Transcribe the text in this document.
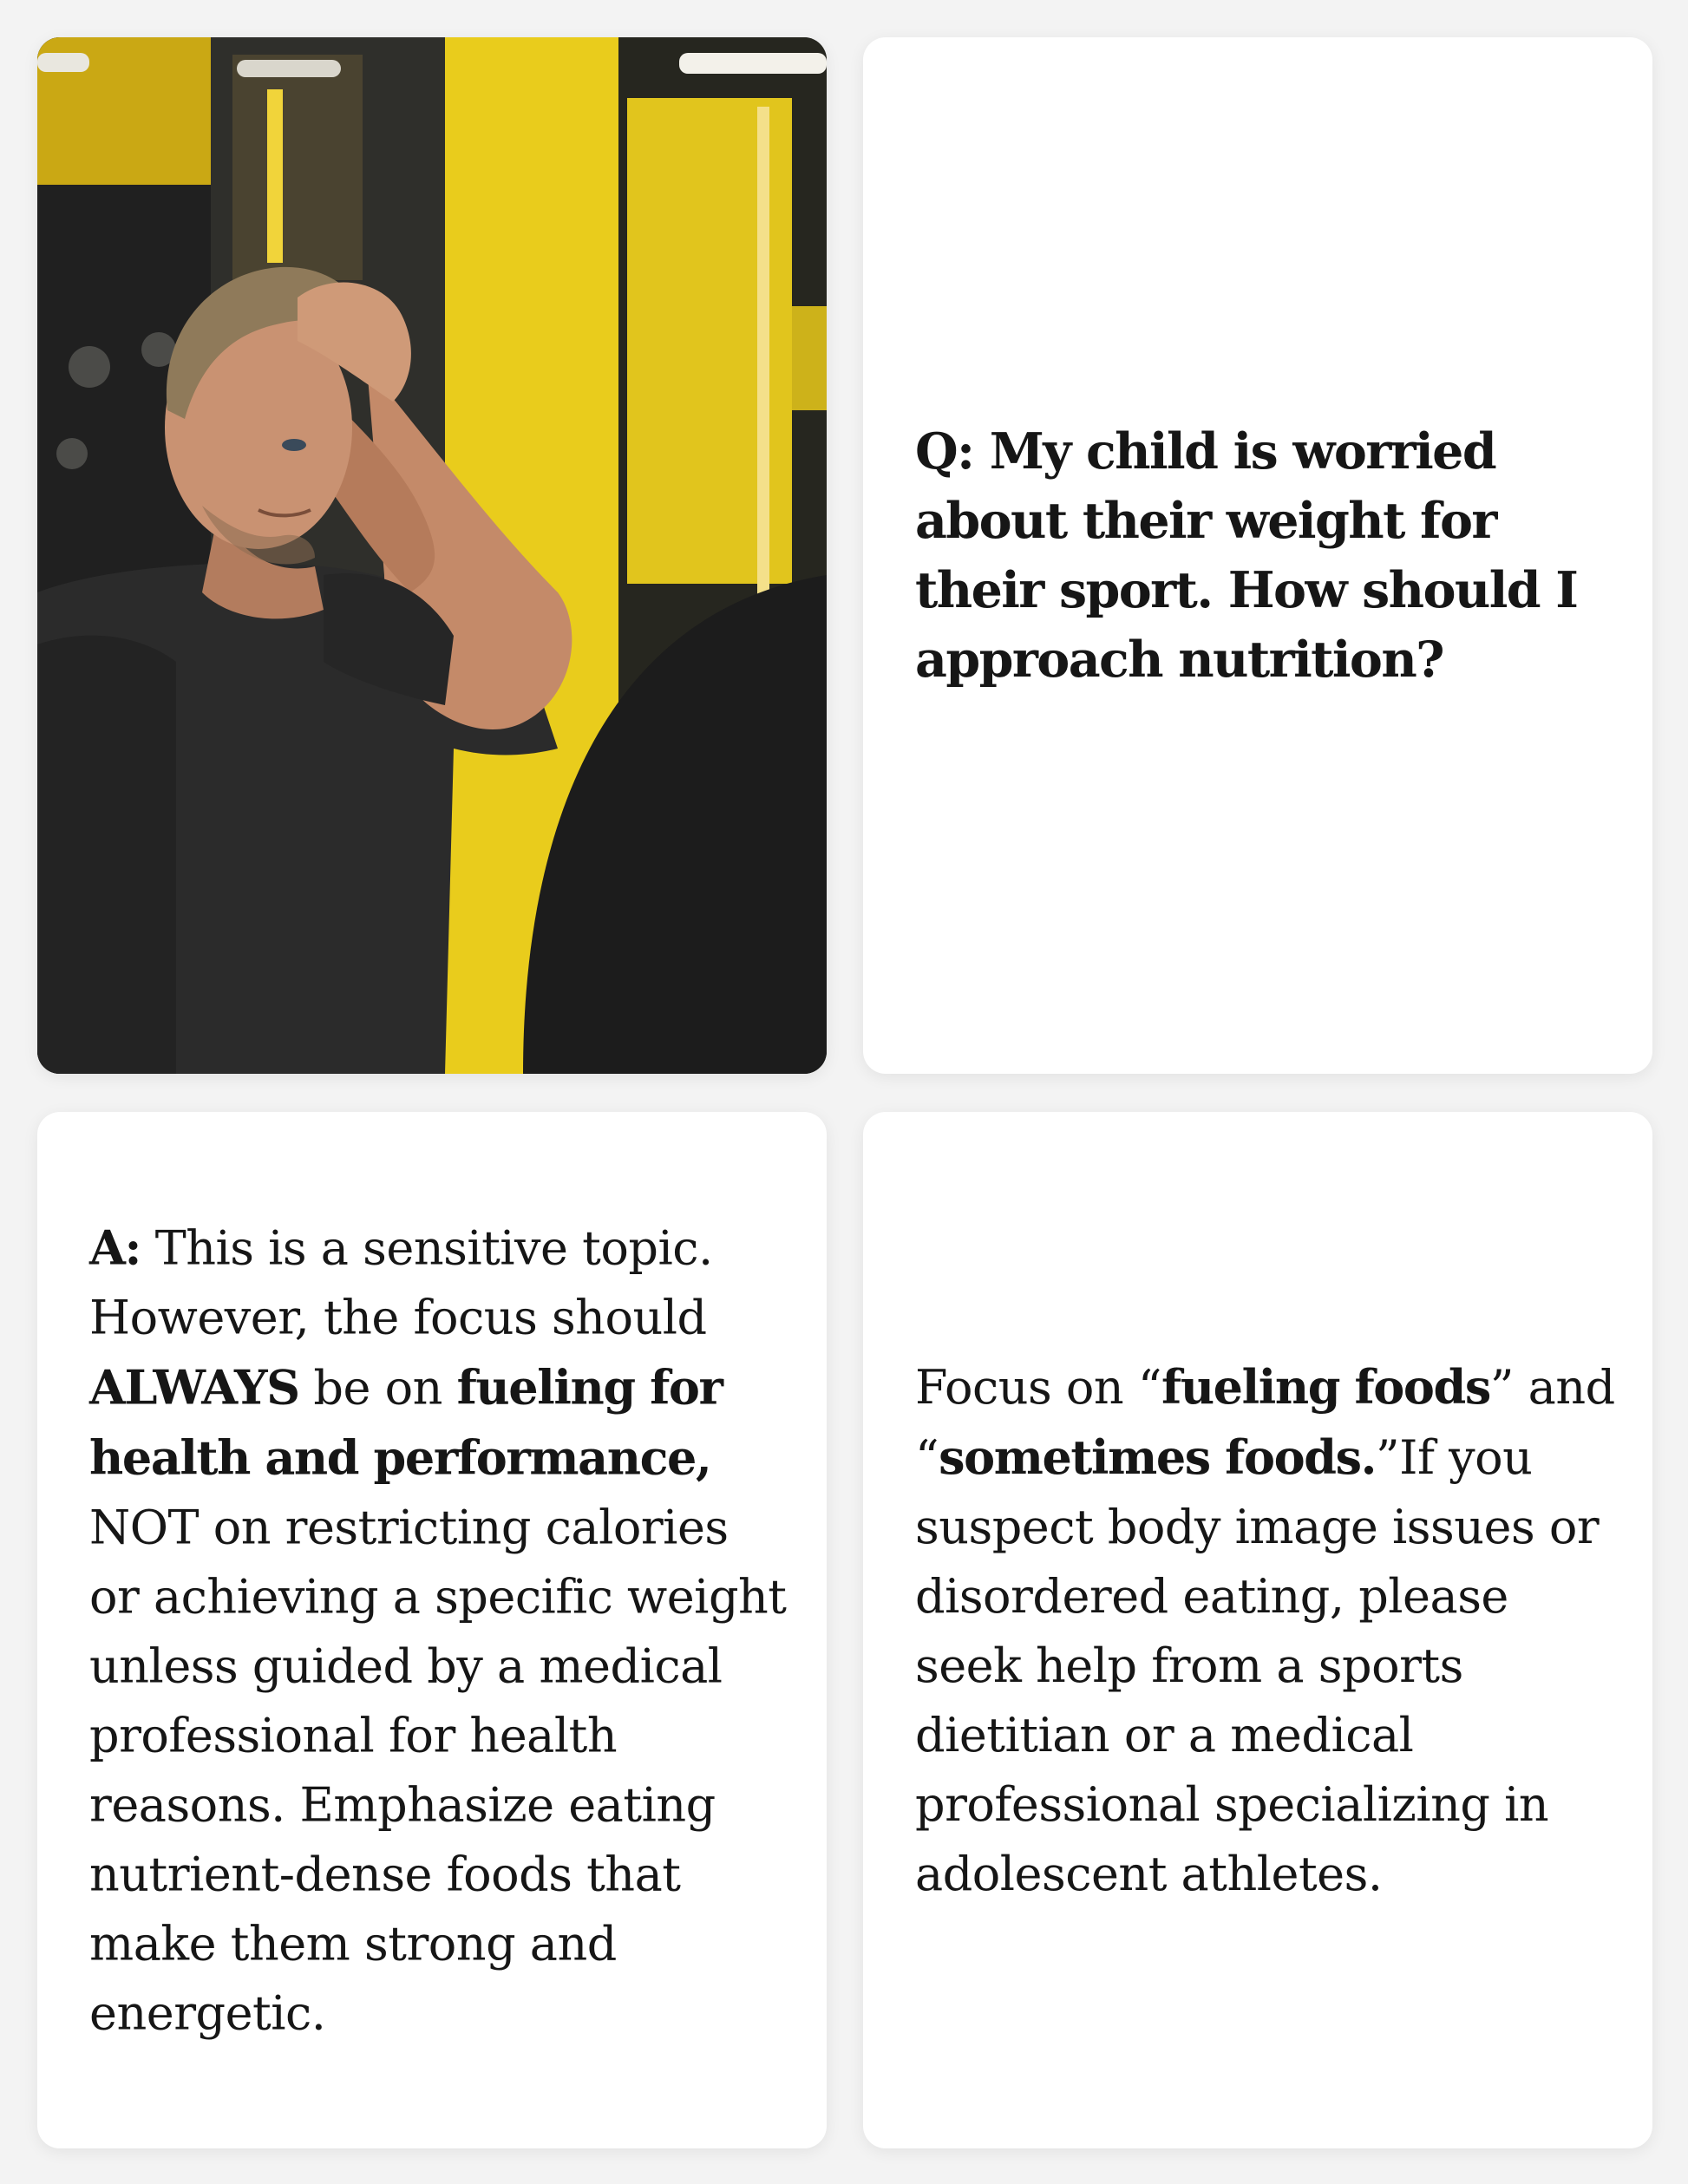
Q: My child is worried about their weight for their sport. How should I approach nutrition?
A: This is a sensitive topic. However, the focus should ALWAYS be on fueling for health and performance, NOT on restricting calories or achieving a specific weight unless guided by a medical professional for health reasons. Emphasize eating nutrient-dense foods that make them strong and energetic.
Focus on “fueling foods” and “sometimes foods.”If you suspect body image issues or disordered eating, please seek help from a sports dietitian or a medical professional specializing in adolescent athletes.
